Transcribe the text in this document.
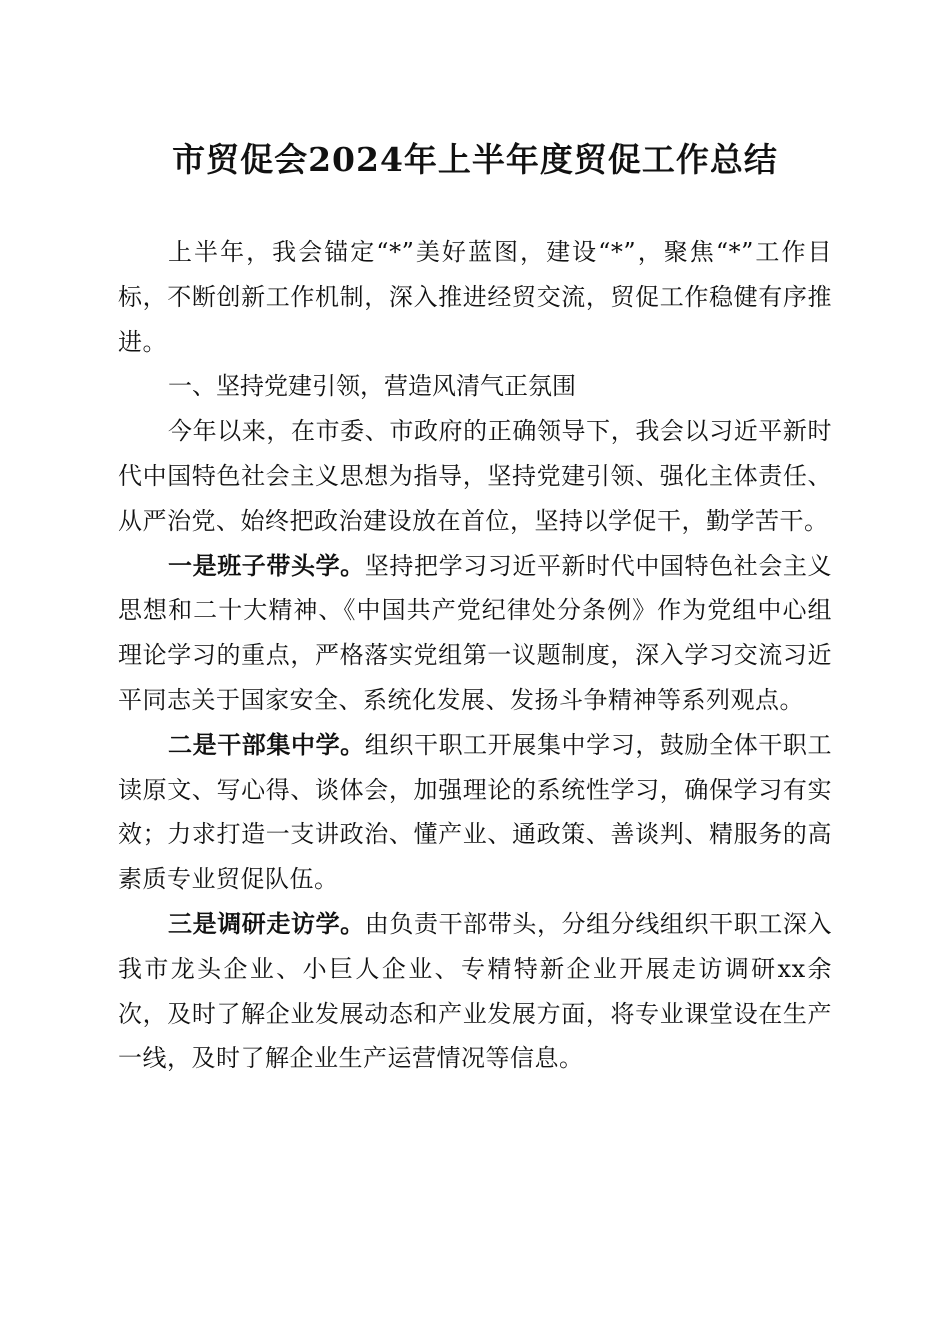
市贸促会2024年上半年度贸促工作总结

上半年，我会锚定“*”美好蓝图，建设“*”，聚焦“*”工作目标，不断创新工作机制，深入推进经贸交流，贸促工作稳健有序推进。

一、坚持党建引领，营造风清气正氛围

今年以来，在市委、市政府的正确领导下，我会以习近平新时代中国特色社会主义思想为指导，坚持党建引领、强化主体责任、从严治党、始终把政治建设放在首位，坚持以学促干，勤学苦干。

一是班子带头学。坚持把学习习近平新时代中国特色社会主义思想和二十大精神、《中国共产党纪律处分条例》作为党组中心组理论学习的重点，严格落实党组第一议题制度，深入学习交流习近平同志关于国家安全、系统化发展、发扬斗争精神等系列观点。

二是干部集中学。组织干职工开展集中学习，鼓励全体干职工读原文、写心得、谈体会，加强理论的系统性学习，确保学习有实效；力求打造一支讲政治、懂产业、通政策、善谈判、精服务的高素质专业贸促队伍。

三是调研走访学。由负责干部带头，分组分线组织干职工深入我市龙头企业、小巨人企业、专精特新企业开展走访调研xx余次，及时了解企业发展动态和产业发展方面，将专业课堂设在生产一线，及时了解企业生产运营情况等信息。
